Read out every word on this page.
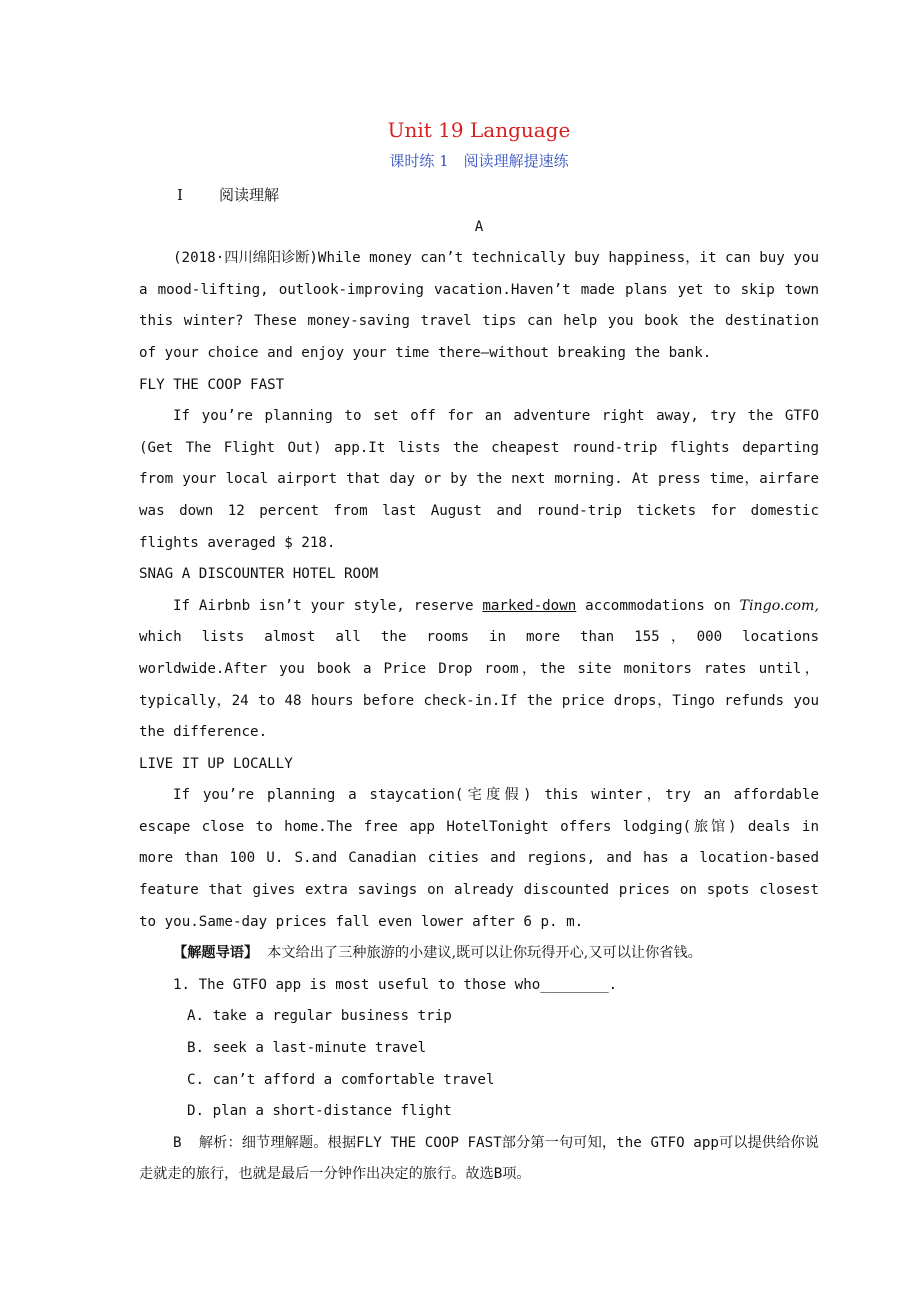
Unit 19 Language
课时练 1　阅读理解提速练
Ⅰ 阅读理解
A
(2018·四川绵阳诊断)While money can’t technically buy happiness，it can buy you a mood-lifting, outlook-improving vacation.Haven’t made plans yet to skip town this winter? These money-saving travel tips can help you book the destination of your choice and enjoy your time there—without breaking the bank.
FLY THE COOP FAST
If you’re planning to set off for an adventure right away, try the GTFO (Get The Flight Out) app.It lists the cheapest round-trip flights departing from your local airport that day or by the next morning. At press time，airfare was down 12 percent from last August and round-trip tickets for domestic flights averaged $ 218.
SNAG A DISCOUNTER HOTEL ROOM
If Airbnb isn’t your style, reserve marked-down accommodations on Tingo.com, which lists almost all the rooms in more than 155，000 locations worldwide.After you book a Price Drop room，the site monitors rates until，typically，24 to 48 hours before check-in.If the price drops，Tingo refunds you the difference.
LIVE IT UP LOCALLY
If you’re planning a staycation(宅度假) this winter，try an affordable escape close to home.The free app HotelTonight offers lodging(旅馆) deals in more than 100 U. S.and Canadian cities and regions, and has a location-based feature that gives extra savings on already discounted prices on spots closest to you.Same-day prices fall even lower after 6 p. m.
【解题导语】 本文给出了三种旅游的小建议,既可以让你玩得开心,又可以让你省钱。
1. The GTFO app is most useful to those who________.
A. take a regular business trip
B. seek a last-minute travel
C. can’t afford a comfortable travel
D. plan a short-distance flight
B 解析：细节理解题。根据FLY THE COOP FAST部分第一句可知，the GTFO app可以提供给你说走就走的旅行，也就是最后一分钟作出决定的旅行。故选B项。
